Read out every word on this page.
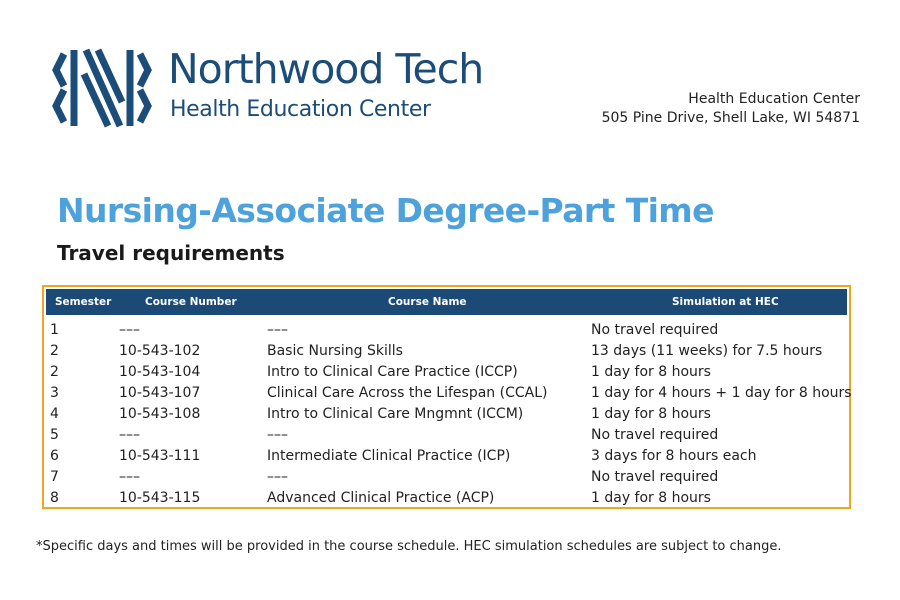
Northwood Tech
Health Education Center	Health Education Center
505 Pine Drive, Shell Lake, WI 54871
Nursing-Associate Degree-Part Time
Travel requirements
Semester	Course Number	Course Name	Simulation at HEC
1	–––	–––	No travel required
2	10-543-102	Basic Nursing Skills	13 days (11 weeks) for 7.5 hours
2	10-543-104	Intro to Clinical Care Practice (ICCP)	1 day for 8 hours
3	10-543-107	Clinical Care Across the Lifespan (CCAL)	1 day for 4 hours + 1 day for 8 hours
4	10-543-108	Intro to Clinical Care Mngmnt (ICCM)	1 day for 8 hours
5	–––	–––	No travel required
6	10-543-111	Intermediate Clinical Practice (ICP)	3 days for 8 hours each
7	–––	–––	No travel required
8	10-543-115	Advanced Clinical Practice (ACP)	1 day for 8 hours
*Specific days and times will be provided in the course schedule. HEC simulation schedules are subject to change.
